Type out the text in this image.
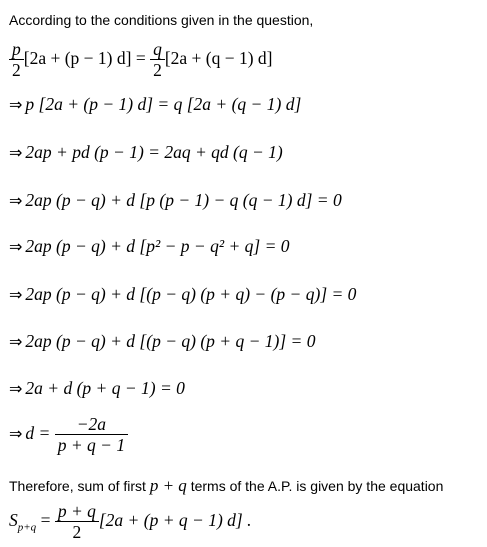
According to the conditions given in the question,
$\frac{p}{2} [2a + (p - 1) d] = \frac{q}{2} [2a + (q - 1)$ d]
⇒ p [2a + (p − 1) d] = q [2a + (q − 1) d]
⇒ 2ap + pd (p − 1) = 2aq + qd (q − 1)
⇒ 2ap (p − q) + d [p (p − 1) − q (q − 1) d] = 0
⇒ 2ap (p − q) + d [p² − p − q² + q] = 0
⇒ 2ap (p − q) + d [(p − q) (p + q) − (p − q)] = 0
⇒ 2ap (p − q) + d [(p − q) (p + q − 1)] = 0
⇒ 2a + d (p + q − 1) = 0
⇒ $d = \frac{-2a}{p + q - 1}$
Therefore, sum of first p + q terms of the A.P. is given by the equation
$S_{p+q} = \frac{p + q}{2} [2a + (p + q - 1)$ d] .
